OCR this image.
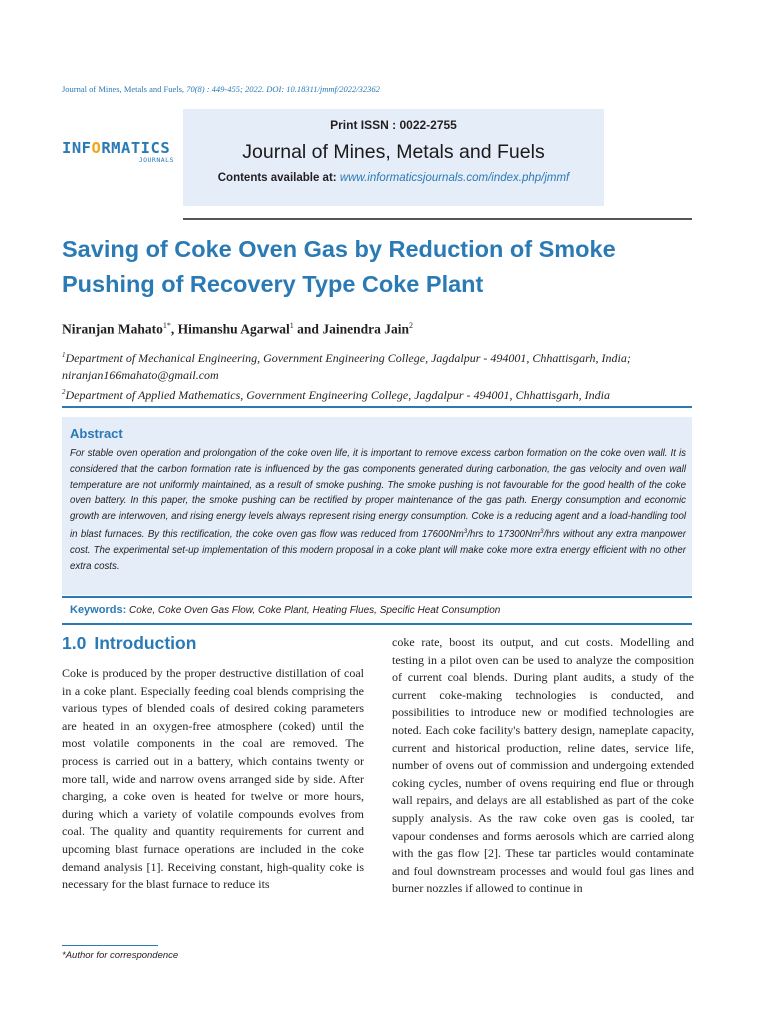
Journal of Mines, Metals and Fuels, 70(8) : 449-455; 2022. DOI: 10.18311/jmmf/2022/32362
INFORMATICS
JOURNALS
Print ISSN : 0022-2755
Journal of Mines, Metals and Fuels
Contents available at: www.informaticsjournals.com/index.php/jmmf
Saving of Coke Oven Gas by Reduction of Smoke Pushing of Recovery Type Coke Plant
Niranjan Mahato$^{1*}$, Himanshu Agarwal$^1$ and Jainendra Jain$^2$
$^1$Department of Mechanical Engineering, Government Engineering College, Jagdalpur - 494001, Chhattisgarh, India; niranjan166mahato@gmail.com
$^2$Department of Applied Mathematics, Government Engineering College, Jagdalpur - 494001, Chhattisgarh, India
Abstract
For stable oven operation and prolongation of the coke oven life, it is important to remove excess carbon formation on the coke oven wall. It is considered that the carbon formation rate is influenced by the gas components generated during carbonation, the gas velocity and oven wall temperature are not uniformly maintained, as a result of smoke pushing. The smoke pushing is not favourable for the good health of the coke oven battery. In this paper, the smoke pushing can be rectified by proper maintenance of the gas path. Energy consumption and economic growth are interwoven, and rising energy levels always represent rising energy consumption. Coke is a reducing agent and a load-handling tool in blast furnaces. By this rectification, the coke oven gas flow was reduced from 17600Nm$^3$/hrs to 17300Nm$^3$/hrs without any extra manpower cost. The experimental set-up implementation of this modern proposal in a coke plant will make coke more extra energy efficient with no other extra costs.
Keywords: Coke, Coke Oven Gas Flow, Coke Plant, Heating Flues, Specific Heat Consumption
1.0 Introduction

Coke is produced by the proper destructive distillation of coal in a coke plant. Especially feeding coal blends comprising the various types of blended coals of desired coking parameters are heated in an oxygen-free atmosphere (coked) until the most volatile components in the coal are removed. The process is carried out in a battery, which contains twenty or more tall, wide and narrow ovens arranged side by side. After charging, a coke oven is heated for twelve or more hours, during which a variety of volatile compounds evolves from coal. The quality and quantity requirements for current and upcoming blast furnace operations are included in the coke demand analysis [1]. Receiving constant, high-quality coke is necessary for the blast furnace to reduce its

coke rate, boost its output, and cut costs. Modelling and testing in a pilot oven can be used to analyze the composition of current coal blends. During plant audits, a study of the current coke-making technologies is conducted, and possibilities to introduce new or modified technologies are noted. Each coke facility's battery design, nameplate capacity, current and historical production, reline dates, service life, number of ovens out of commission and undergoing extended coking cycles, number of ovens requiring end flue or through wall repairs, and delays are all established as part of the coke supply analysis. As the raw coke oven gas is cooled, tar vapour condenses and forms aerosols which are carried along with the gas flow [2]. These tar particles would contaminate and foul downstream processes and would foul gas lines and burner nozzles if allowed to continue in

*Author for correspondence
